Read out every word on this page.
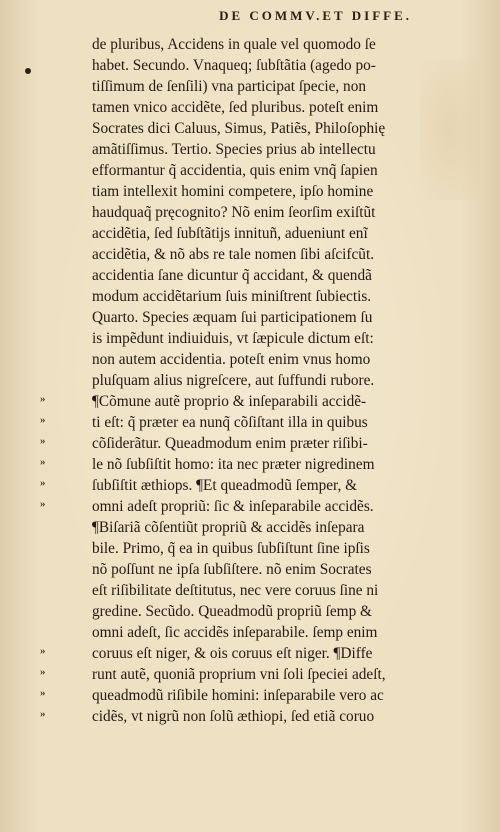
DE COMMV.ET DIFFE.
de pluribus, Accidens in quale vel quomodo ſe
habet. Secundo. Vnaqueq; ſubſtãtia (agedo po-
tiſſimum de ſenſili) vna participat ſpecie, non
tamen vnico accidẽte, ſed pluribus. poteſt enim
Socrates dici Caluus, Simus, Patiẽs, Philoſophię
amãtiſſimus. Tertio. Species prius ab intellectu
efformantur q̃ accidentia, quis enim vnq̃ ſapien
tiam intellexit homini competere, ipſo homine
haudquaq̃ pręcognito? Nõ enim ſeorſim exiſtũt
accidẽtia, ſed ſubſtãtijs innituñ, adueniunt enĩ
accidẽtia, & nõ abs re tale nomen ſibi aſcifcũt.
accidentia ſane dicuntur q̃ accidant, & quendã
modum accidẽtarium ſuis miniſtrent ſubiectis.
Quarto. Species æquam ſui participationem ſu
is impẽdunt indiuiduis, vt ſæpicule dictum eſt:
non autem accidentia. poteſt enim vnus homo
pluſquam alius nigreſcere, aut ſuffundi rubore.
»	¶Cõmune autẽ proprio & inſeparabili accidẽ-
»	ti eſt: q̃ præter ea nunq̃ cõſiſtant illa in quibus
»	cõſiderãtur. Queadmodum enim præter riſibi-
»	le nõ ſubſiſtit homo: ita nec præter nigredinem
»	ſubſiſtit æthiops. ¶Et queadmodũ ſemper, &
»	omni adeſt propriũ: ſic & inſeparabile accidẽs.
¶Biſariã cõſentiũt propriũ & accidẽs inſepara
bile. Primo, q̃ ea in quibus ſubſiſtunt ſine ipſis
nõ poſſunt ne ipſa ſubſiſtere. nõ enim Socrates
eſt riſibilitate deſtitutus, nec vere coruus ſine ni
gredine. Secũdo. Queadmodũ propriũ ſemp &
omni adeſt, ſic accidẽs inſeparabile. ſemp enim
»	coruus eſt niger, & ois coruus eſt niger. ¶Diffe
»	runt autẽ, quoniã proprium vni ſoli ſpeciei adeſt,
»	queadmodũ riſibile homini: inſeparabile vero ac
»	cidẽs, vt nigrũ non ſolũ æthiopi, ſed etiã coruo
